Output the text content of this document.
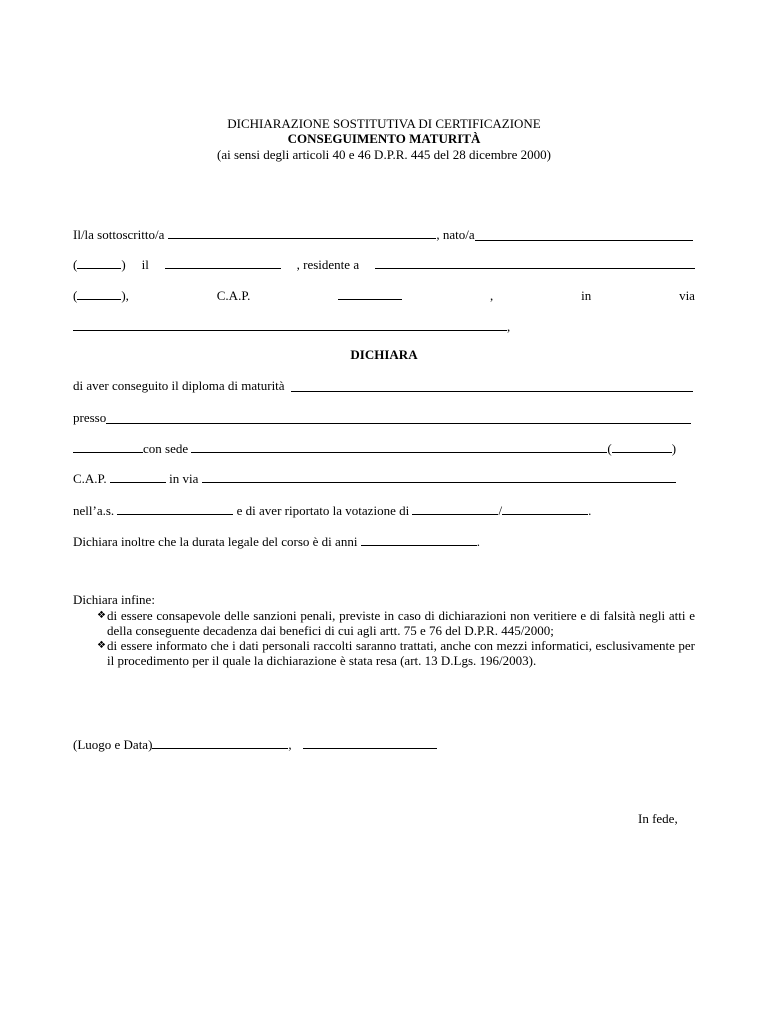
DICHIARAZIONE SOSTITUTIVA DI CERTIFICAZIONE
CONSEGUIMENTO MATURITÀ
(ai sensi degli articoli 40 e 46 D.P.R. 445 del 28 dicembre 2000)
Il/la sottoscritto/a	, nato/a
(	) il	, residente a
(	),	C.A.P.	,	in	via
,
DICHIARA
di aver conseguito il diploma di maturità
presso
con sede	(	)
C.A.P.	in via
nell’a.s.	e di aver riportato la votazione di	/	.
Dichiara inoltre che la durata legale del corso è di anni	.
Dichiara infine:
❖ di essere consapevole delle sanzioni penali, previste in caso di dichiarazioni non veritiere e di falsità negli atti e della conseguente decadenza dai benefici di cui agli artt. 75 e 76 del D.P.R. 445/2000;

❖ di essere informato che i dati personali raccolti saranno trattati, anche con mezzi informatici, esclusivamente per il procedimento per il quale la dichiarazione è stata resa (art. 13 D.Lgs. 196/2003).

(Luogo e Data)	,
In fede,
